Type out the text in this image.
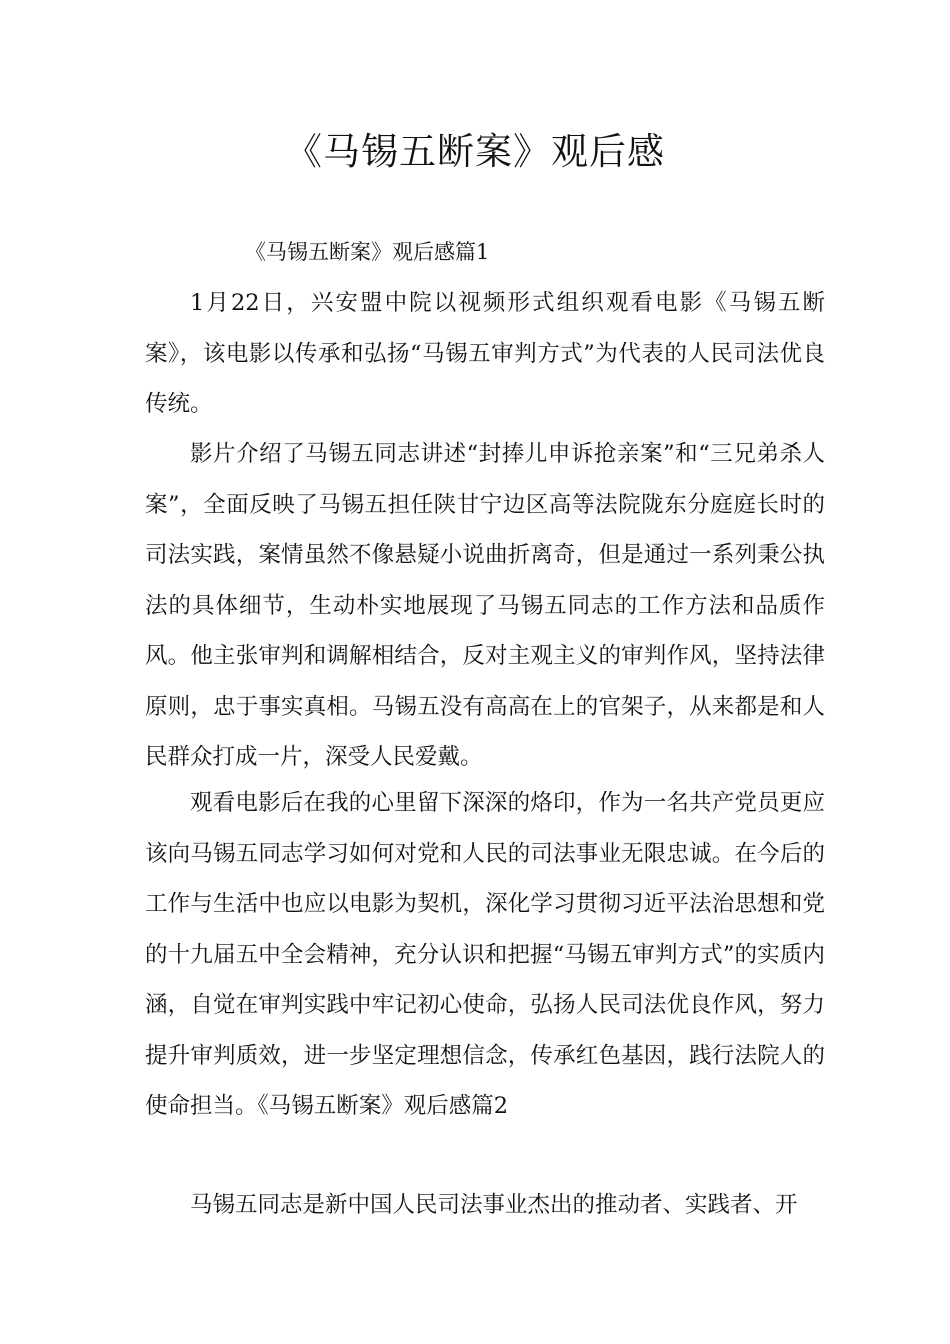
《马锡五断案》观后感

《马锡五断案》观后感篇1

1月22日，兴安盟中院以视频形式组织观看电影《马锡五断案》，该电影以传承和弘扬“马锡五审判方式”为代表的人民司法优良传统。

影片介绍了马锡五同志讲述“封捧儿申诉抢亲案”和“三兄弟杀人案”，全面反映了马锡五担任陕甘宁边区高等法院陇东分庭庭长时的司法实践，案情虽然不像悬疑小说曲折离奇，但是通过一系列秉公执法的具体细节，生动朴实地展现了马锡五同志的工作方法和品质作风。他主张审判和调解相结合，反对主观主义的审判作风，坚持法律原则，忠于事实真相。马锡五没有高高在上的官架子，从来都是和人民群众打成一片，深受人民爱戴。

观看电影后在我的心里留下深深的烙印，作为一名共产党员更应该向马锡五同志学习如何对党和人民的司法事业无限忠诚。在今后的工作与生活中也应以电影为契机，深化学习贯彻习近平法治思想和党的十九届五中全会精神，充分认识和把握“马锡五审判方式”的实质内涵，自觉在审判实践中牢记初心使命，弘扬人民司法优良作风，努力提升审判质效，进一步坚定理想信念，传承红色基因，践行法院人的使命担当。《马锡五断案》观后感篇2

马锡五同志是新中国人民司法事业杰出的推动者、实践者、开
